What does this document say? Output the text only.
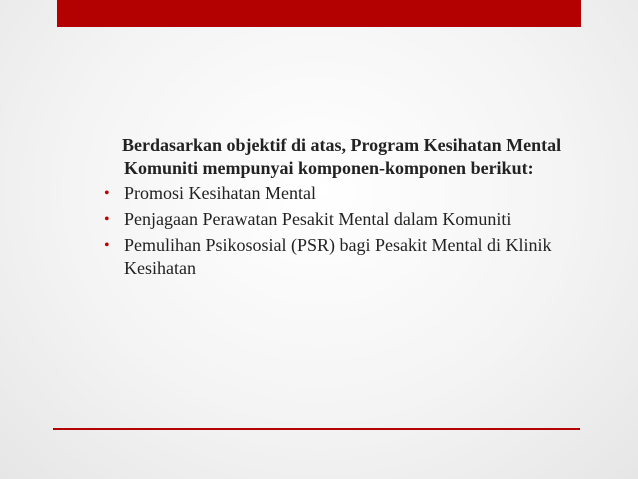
Berdasarkan objektif di atas, Program Kesihatan Mental Komuniti mempunyai komponen-komponen berikut:

• Promosi Kesihatan Mental
• Penjagaan Perawatan Pesakit Mental dalam Komuniti
• Pemulihan Psikososial (PSR) bagi Pesakit Mental di Klinik Kesihatan
